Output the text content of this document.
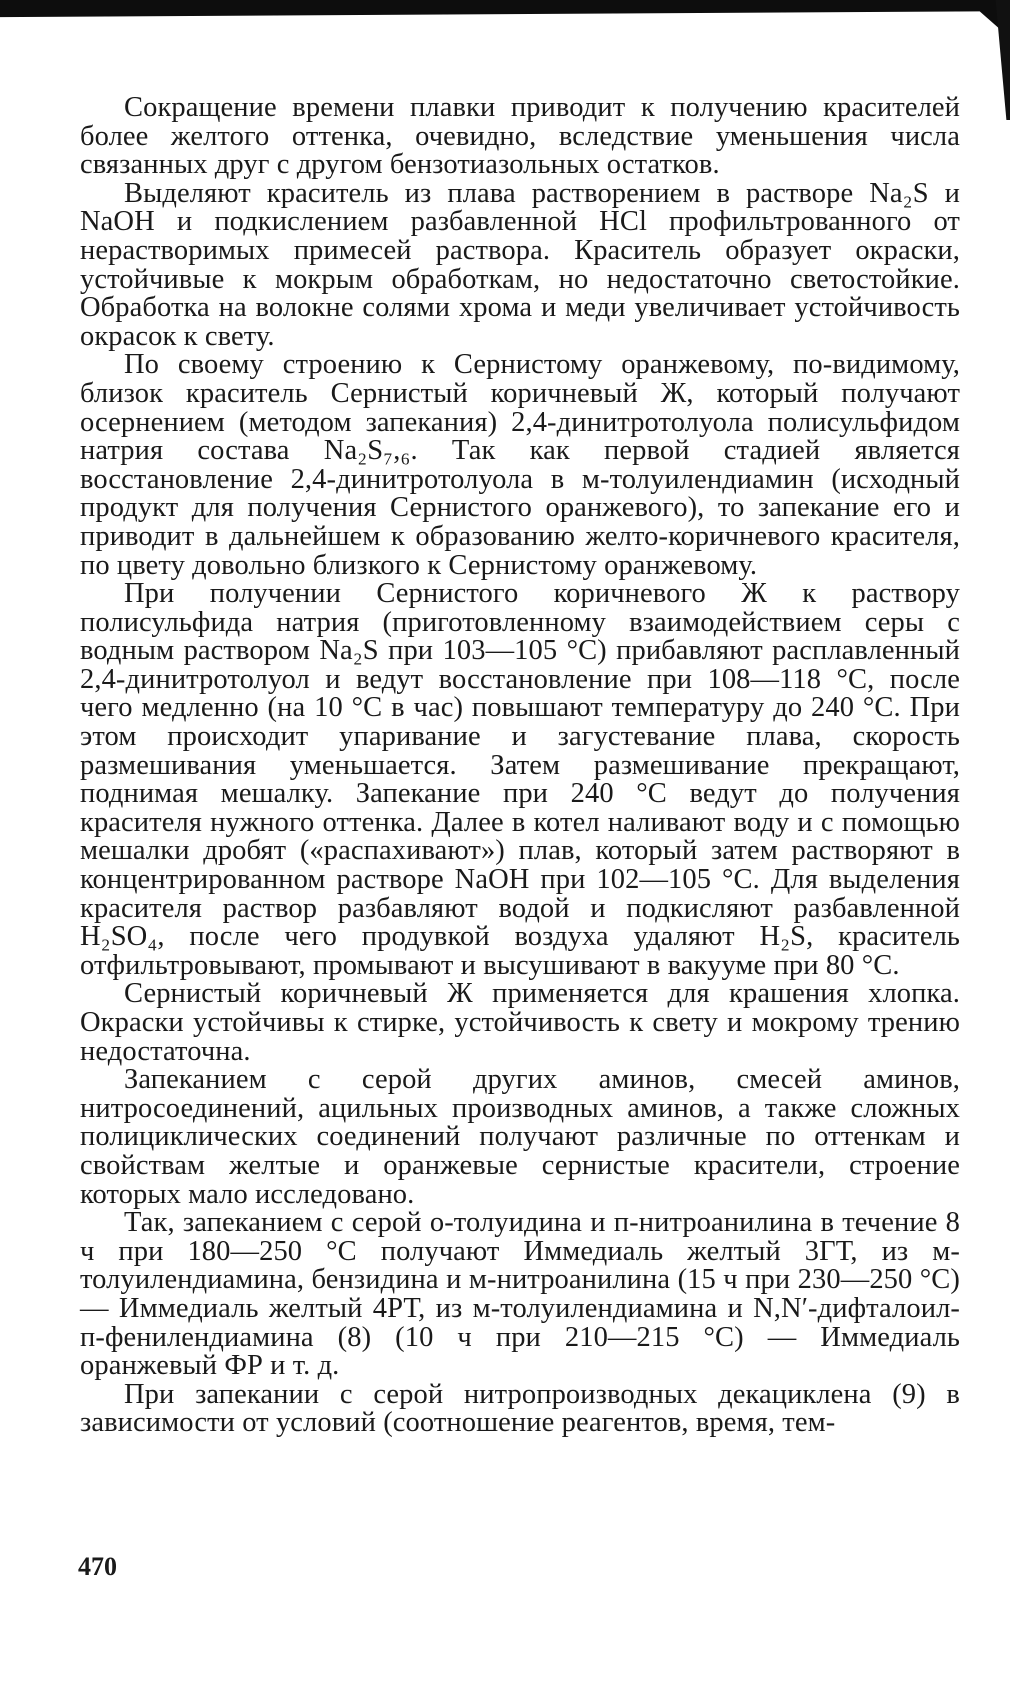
Сокращение времени плавки приводит к получению красителей более желтого оттенка, очевидно, вследствие уменьшения числа связанных друг с другом бензотиазольных остатков.

Выделяют краситель из плава растворением в растворе Na₂S и NaOH и подкислением разбавленной HCl профильтрованного от нерастворимых примесей раствора. Краситель образует окраски, устойчивые к мокрым обработкам, но недостаточно светостойкие. Обработка на волокне солями хрома и меди увеличивает устойчивость окрасок к свету.

По своему строению к Сернистому оранжевому, по-видимому, близок краситель Сернистый коричневый Ж, который получают осернением (методом запекания) 2,4-динитротолуола полисульфидом натрия состава Na₂S₇,₆. Так как первой стадией является восстановление 2,4-динитротолуола в м-толуилендиамин (исходный продукт для получения Сернистого оранжевого), то запекание его и приводит в дальнейшем к образованию желто-коричневого красителя, по цвету довольно близкого к Сернистому оранжевому.

При получении Сернистого коричневого Ж к раствору полисульфида натрия (приготовленному взаимодействием серы с водным раствором Na₂S при 103—105 °С) прибавляют расплавленный 2,4-динитротолуол и ведут восстановление при 108—118 °С, после чего медленно (на 10 °С в час) повышают температуру до 240 °С. При этом происходит упаривание и загустевание плава, скорость размешивания уменьшается. Затем размешивание прекращают, поднимая мешалку. Запекание при 240 °С ведут до получения красителя нужного оттенка. Далее в котел наливают воду и с помощью мешалки дробят («распахивают») плав, который затем растворяют в концентрированном растворе NaOH при 102—105 °С. Для выделения красителя раствор разбавляют водой и подкисляют разбавленной H₂SO₄, после чего продувкой воздуха удаляют H₂S, краситель отфильтровывают, промывают и высушивают в вакууме при 80 °С.

Сернистый коричневый Ж применяется для крашения хлопка. Окраски устойчивы к стирке, устойчивость к свету и мокрому трению недостаточна.

Запеканием с серой других аминов, смесей аминов, нитросоединений, ацильных производных аминов, а также сложных полициклических соединений получают различные по оттенкам и свойствам желтые и оранжевые сернистые красители, строение которых мало исследовано.

Так, запеканием с серой о-толуидина и п-нитроанилина в течение 8 ч при 180—250 °С получают Иммедиаль желтый 3ГТ, из м-толуилендиамина, бензидина и м-нитроанилина (15 ч при 230—250 °С) — Иммедиаль желтый 4РТ, из м-толуилендиамина и N,N′-дифталоил-п-фенилендиамина (8) (10 ч при 210—215 °С) — Иммедиаль оранжевый ФР и т. д.

При запекании с серой нитропроизводных декациклена (9) в зависимости от условий (соотношение реагентов, время, тем-

470
